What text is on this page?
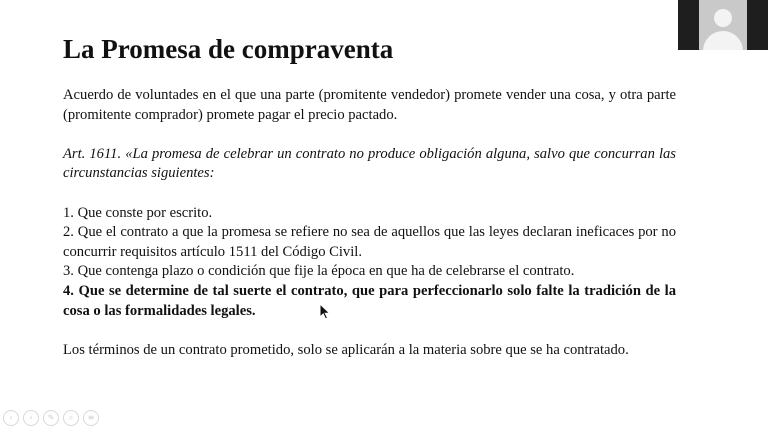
La Promesa de compraventa

Acuerdo de voluntades en el que una parte (promitente vendedor) promete vender una cosa, y otra parte (promitente comprador) promete pagar el precio pactado.

Art. 1611. «La promesa de celebrar un contrato no produce obligación alguna, salvo que concurran las circunstancias siguientes:

1. Que conste por escrito.

2. Que el contrato a que la promesa se refiere no sea de aquellos que las leyes declaran ineficaces por no concurrir requisitos artículo 1511 del Código Civil.

3. Que contenga plazo o condición que fije la época en que ha de celebrarse el contrato.

4. Que se determine de tal suerte el contrato, que para perfeccionarlo solo falte la tradición de la cosa o las formalidades legales.

Los términos de un contrato prometido, solo se aplicarán a la materia sobre que se ha contratado.

‹	›	✎	⌕	≡
